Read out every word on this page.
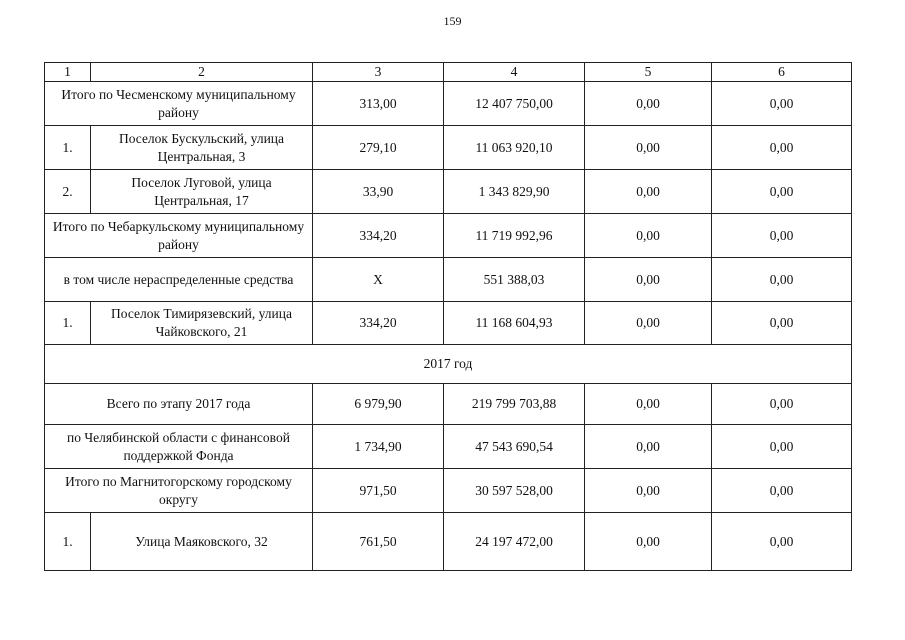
159
1	2	3	4	5	6
Итого по Чесменскому муниципальному району		313,00	12 407 750,00	0,00	0,00
1.	Поселок Бускульский, улица Центральная, 3	279,10	11 063 920,10	0,00	0,00
2.	Поселок Луговой, улица Центральная, 17	33,90	1 343 829,90	0,00	0,00
Итого по Чебаркульскому муниципальному району		334,20	11 719 992,96	0,00	0,00
в том числе нераспределенные средства		Х	551 388,03	0,00	0,00
1.	Поселок Тимирязевский, улица Чайковского, 21	334,20	11 168 604,93	0,00	0,00
2017 год					
Всего по этапу 2017 года		6 979,90	219 799 703,88	0,00	0,00
по Челябинской области с финансовой поддержкой Фонда		1 734,90	47 543 690,54	0,00	0,00
Итого по Магнитогорскому городскому округу		971,50	30 597 528,00	0,00	0,00
1.	Улица Маяковского, 32	761,50	24 197 472,00	0,00	0,00
